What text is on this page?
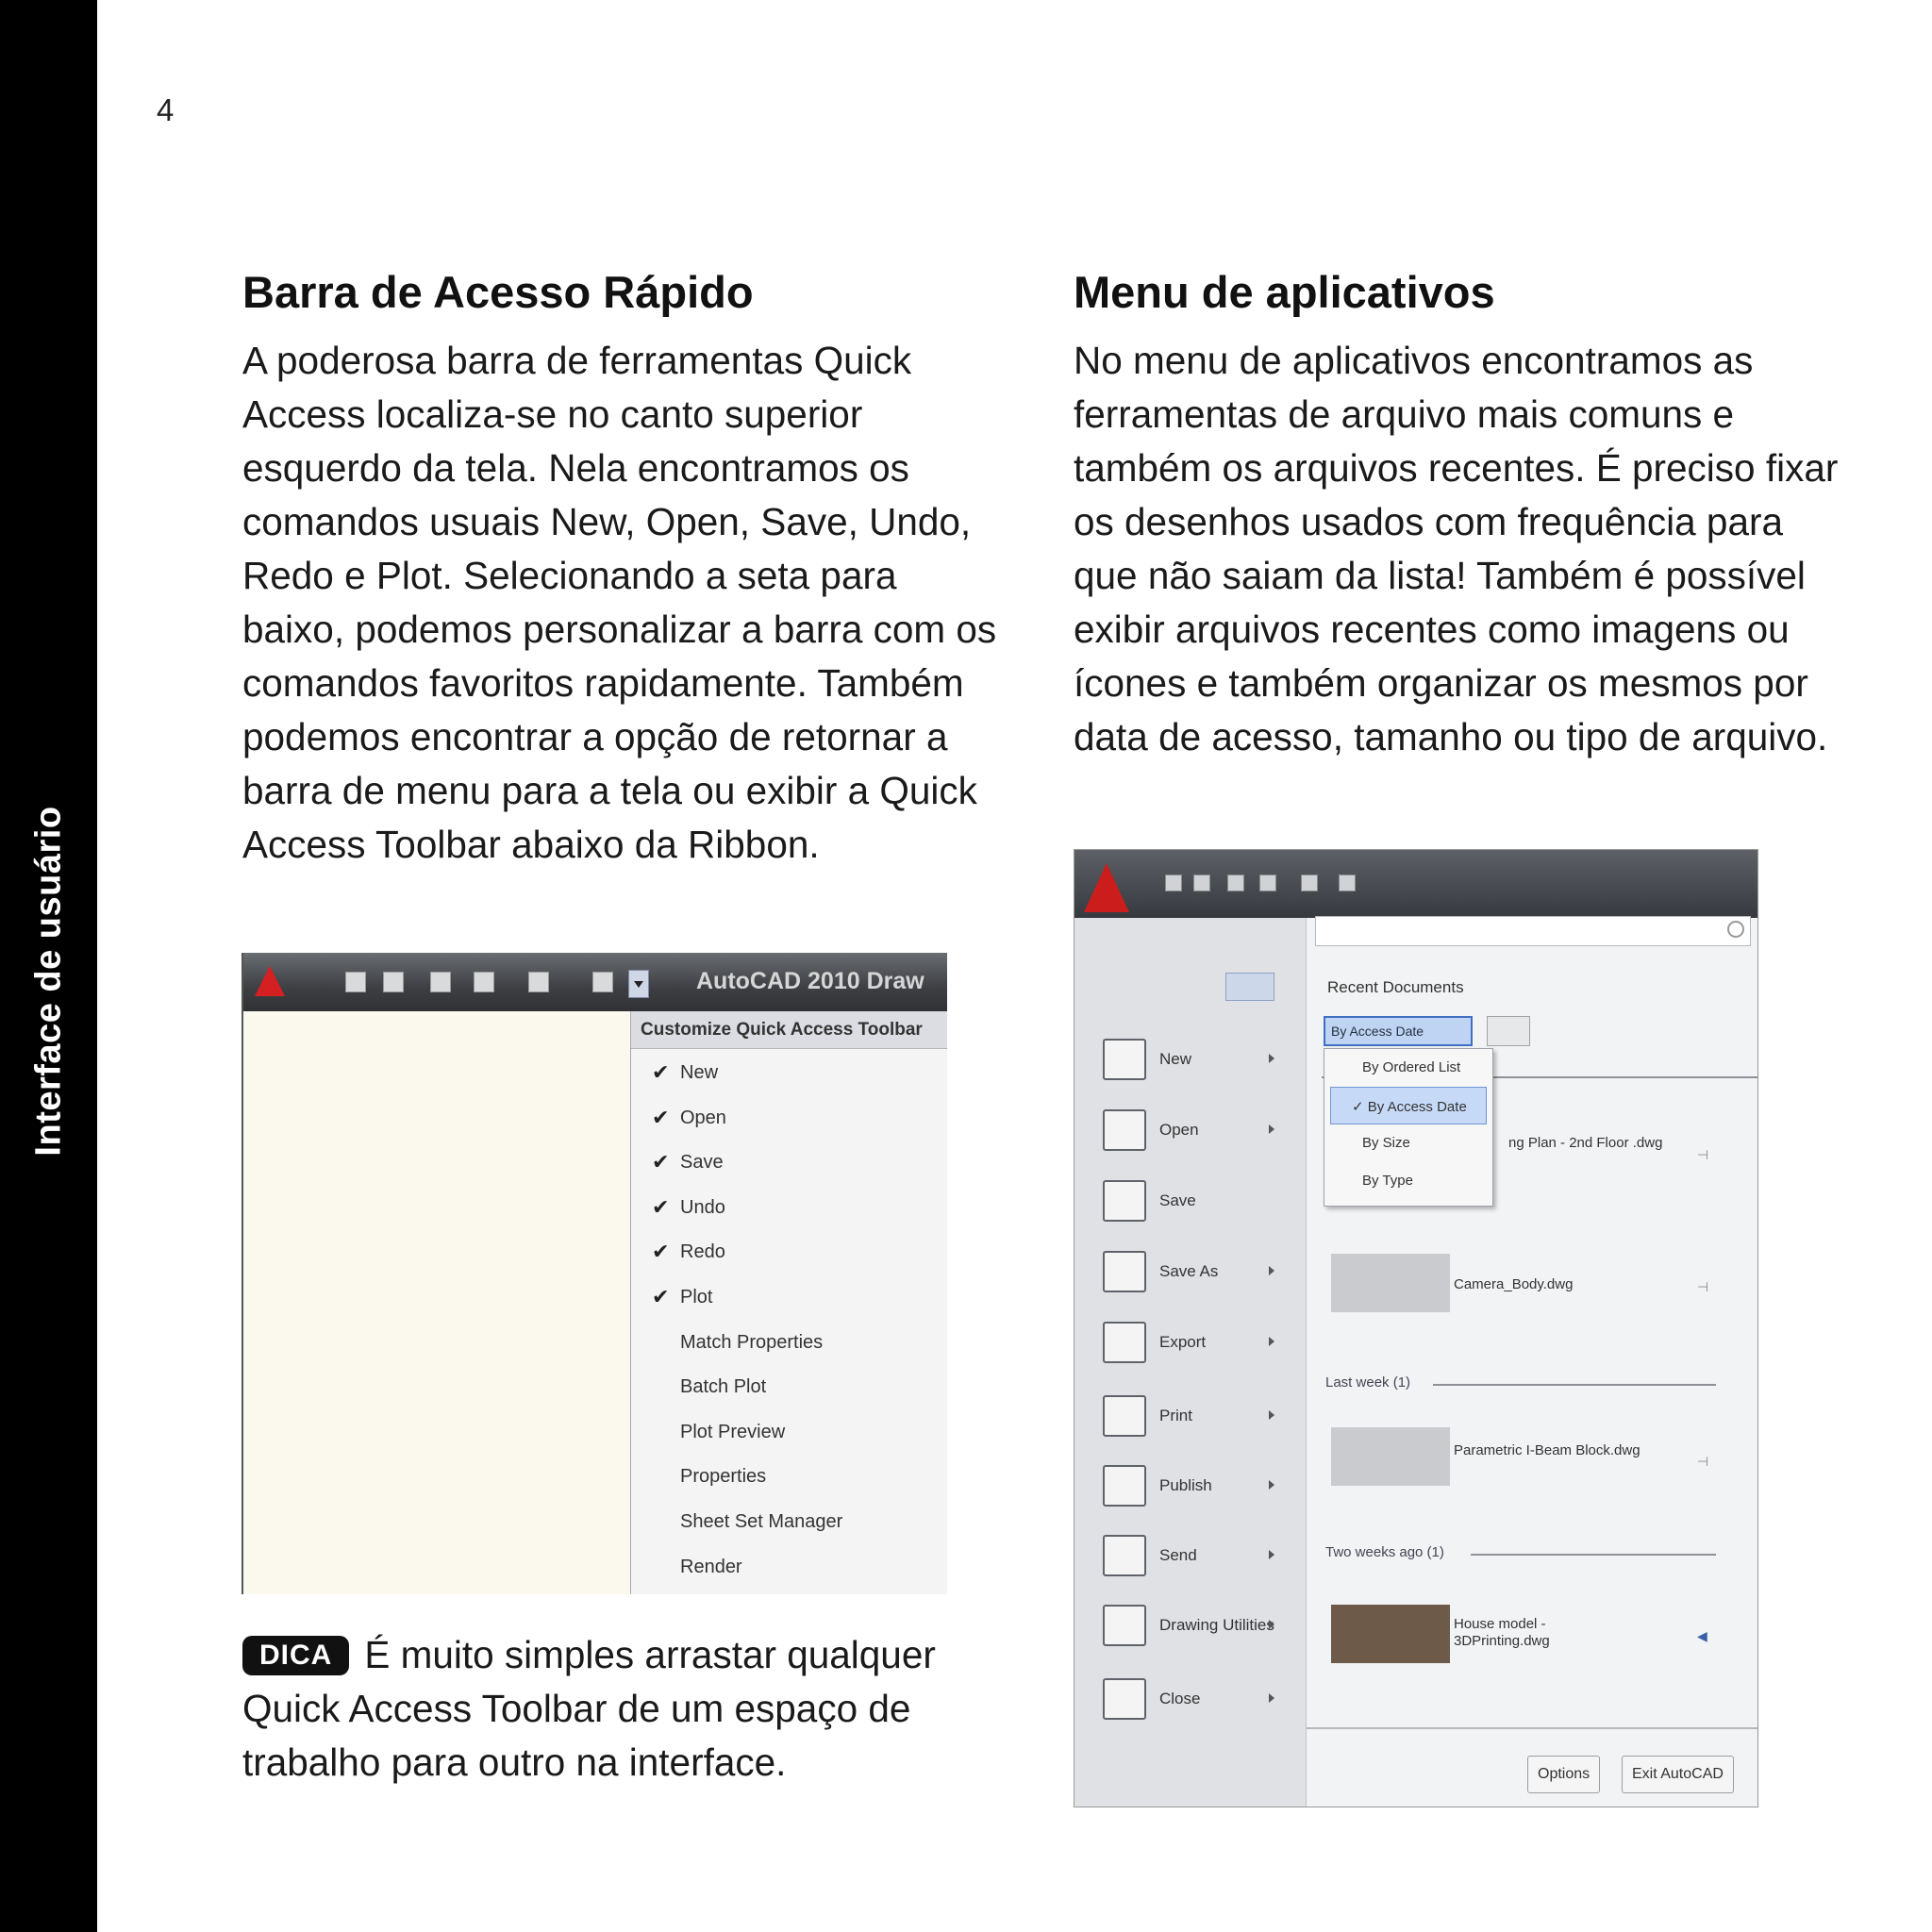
Interface de usuário
4
Barra de Acesso Rápido
A poderosa barra de ferramentas Quick Access localiza-se no canto superior esquerdo da tela. Nela encontramos os comandos usuais New, Open, Save, Undo, Redo e Plot. Selecionando a seta para baixo, podemos personalizar a barra com os comandos favoritos rapidamente. Também podemos encontrar a opção de retornar a barra de menu para a tela ou exibir a Quick Access Toolbar abaixo da Ribbon.
Menu de aplicativos
No menu de aplicativos encontramos as ferramentas de arquivo mais comuns e também os arquivos recentes. É preciso fixar os desenhos usados com frequência para que não saiam da lista! Também é possível exibir arquivos recentes como imagens ou ícones e também organizar os mesmos por data de acesso, tamanho ou tipo de arquivo.
AutoCAD 2010 Draw
Customize Quick Access Toolbar
✔ New
✔ Open
✔ Save
✔ Undo
✔ Redo
✔ Plot
Match Properties
Batch Plot
Plot Preview
Properties
Sheet Set Manager
Render
DICA É muito simples arrastar qualquer Quick Access Toolbar de um espaço de trabalho para outro na interface.
New
Open
Save
Save As
Export
Print
Publish
Send
Drawing Utilities
Close
Recent Documents
By Access Date
ng Plan - 2nd Floor .dwg
⊣
Camera_Body.dwg	⊣
Last week (1)
Parametric I-Beam Block.dwg
⊣
Two weeks ago (1)
House model - 3DPrinting.dwg	◀
Options	Exit AutoCAD
By Ordered List
✓ By Access Date
By Size
By Type
